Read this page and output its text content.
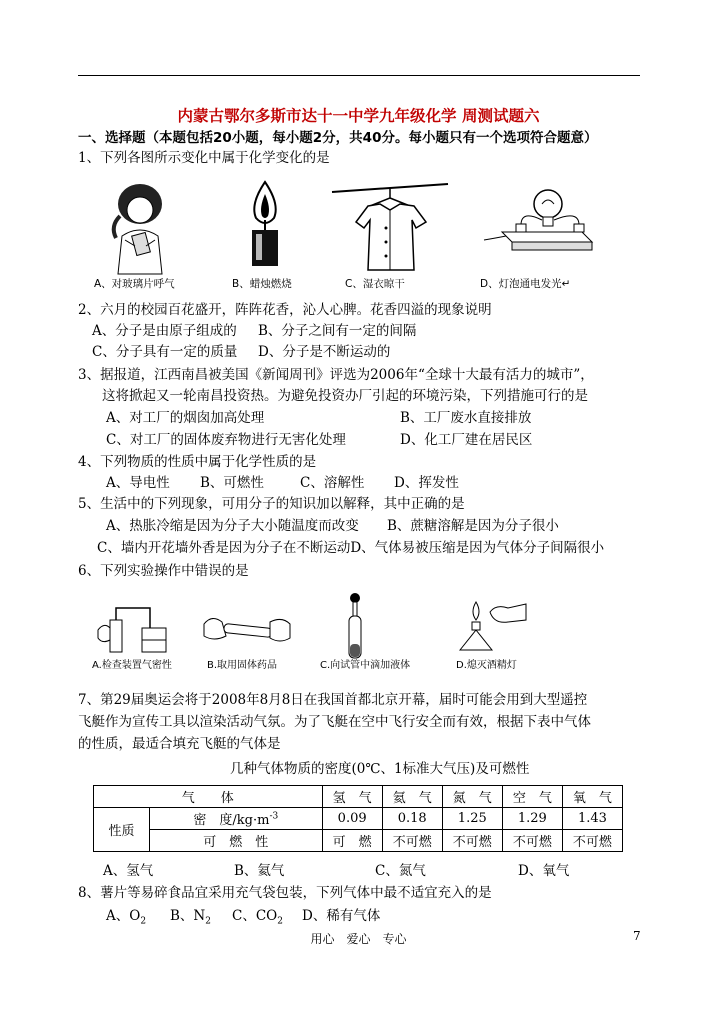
内蒙古鄂尔多斯市达十一中学九年级化学 周测试题六
一、选择题（本题包括20小题，每小题2分，共40分。每小题只有一个选项符合题意）
1、下列各图所示变化中属于化学变化的是
A、对玻璃片呼气	B、蜡烛燃烧	C、湿衣晾干	D、灯泡通电发光↵
2、六月的校园百花盛开，阵阵花香，沁人心脾。花香四溢的现象说明
A、分子是由原子组成的 B、分子之间有一定的间隔
C、分子具有一定的质量 D、分子是不断运动的
3、据报道，江西南昌被美国《新闻周刊》评选为2006年“全球十大最有活力的城市”，
这将掀起又一轮南昌投资热。为避免投资办厂引起的环境污染，下列措施可行的是
A、对工厂的烟囱加高处理	B、工厂废水直接排放
C、对工厂的固体废弃物进行无害化处理	D、化工厂建在居民区
4、下列物质的性质中属于化学性质的是
A、导电性 B、可燃性	C、溶解性 D、挥发性
5、生活中的下列现象，可用分子的知识加以解释，其中正确的是
A、热胀冷缩是因为分子大小随温度而改变 B、蔗糖溶解是因为分子很小
C、墙内开花墙外香是因为分子在不断运动D、气体易被压缩是因为气体分子间隔很小
6、下列实验操作中错误的是
A.检查装置气密性	B.取用固体药品	C.向试管中滴加液体	D.熄灭酒精灯
7、第29届奥运会将于2008年8月8日在我国首都北京开幕，届时可能会用到大型遥控
飞艇作为宣传工具以渲染活动气氛。为了飞艇在空中飞行安全而有效，根据下表中气体
的性质，最适合填充飞艇的气体是
几种气体物质的密度(0℃、1标准大气压)及可燃性
气　　体		氢　气	氦　气	氮　气	空　气	氧　气
性质	密　度$/kg\cdot m^{-3}$	0.09	0.18	1.25	1.29	1.43
	可　燃　性	可　燃	不可燃	不可燃	不可燃	不可燃
A、氢气	B、氦气	C、氮气	D、氧气
8、薯片等易碎食品宜采用充气袋包装，下列气体中最不适宜充入的是
A、$O_2$ B、$N_2$ C、$CO_2$ D、稀有气体
用心　爱心　专心	7
